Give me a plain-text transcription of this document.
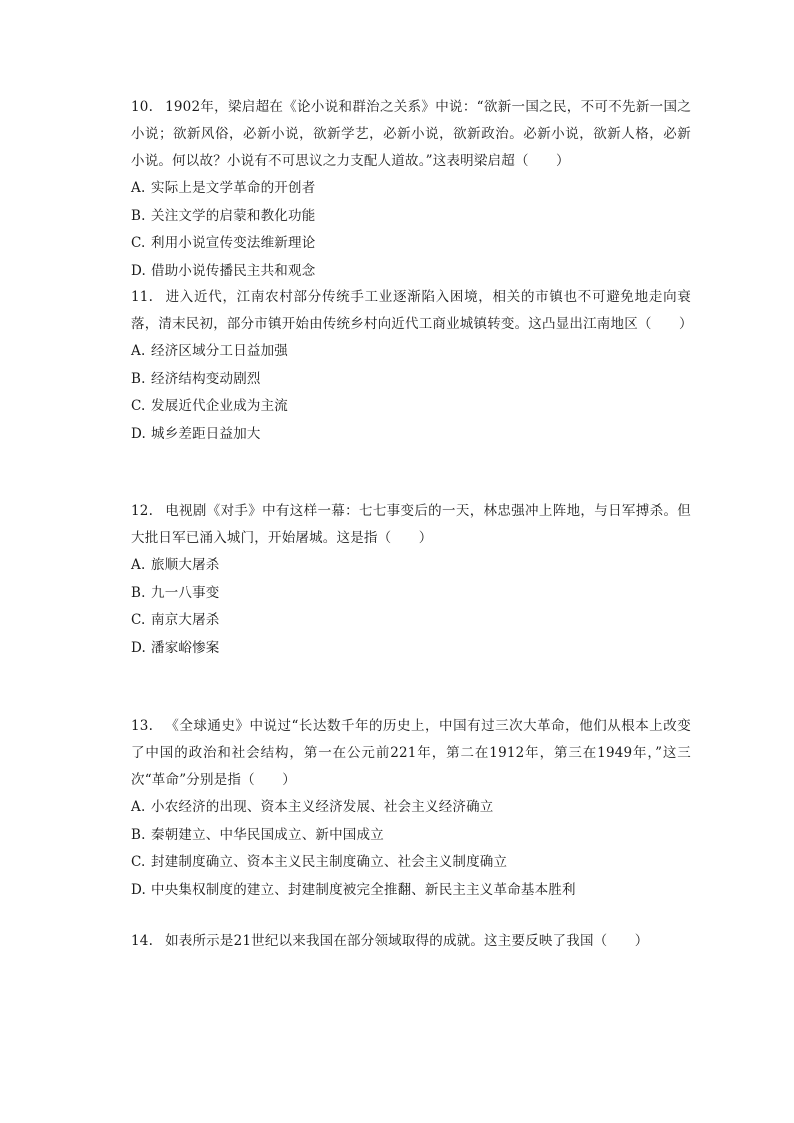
10. 1902年，梁启超在《论小说和群治之关系》中说：“欲新一国之民，不可不先新一国之小说；欲新风俗，必新小说，欲新学艺，必新小说，欲新政治。必新小说，欲新人格，必新小说。何以故？小说有不可思议之力支配人道故。”这表明梁启超（　　）

A. 实际上是文学革命的开创者
B. 关注文学的启蒙和教化功能
C. 利用小说宣传变法维新理论
D. 借助小说传播民主共和观念

11. 进入近代，江南农村部分传统手工业逐渐陷入困境，相关的市镇也不可避免地走向衰落，清末民初，部分市镇开始由传统乡村向近代工商业城镇转变。这凸显出江南地区（　　）

A. 经济区域分工日益加强
B. 经济结构变动剧烈
C. 发展近代企业成为主流
D. 城乡差距日益加大

12. 电视剧《对手》中有这样一幕：七七事变后的一天，林忠强冲上阵地，与日军搏杀。但大批日军已涌入城门，开始屠城。这是指（　　）

A. 旅顺大屠杀
B. 九一八事变
C. 南京大屠杀
D. 潘家峪惨案

13. 《全球通史》中说过“长达数千年的历史上，中国有过三次大革命，他们从根本上改变了中国的政治和社会结构，第一在公元前221年，第二在1912年，第三在1949年，”这三次“革命”分别是指（　　）

A. 小农经济的出现、资本主义经济发展、社会主义经济确立
B. 秦朝建立、中华民国成立、新中国成立
C. 封建制度确立、资本主义民主制度确立、社会主义制度确立
D. 中央集权制度的建立、封建制度被完全推翻、新民主主义革命基本胜利

14. 如表所示是21世纪以来我国在部分领域取得的成就。这主要反映了我国（　　）
